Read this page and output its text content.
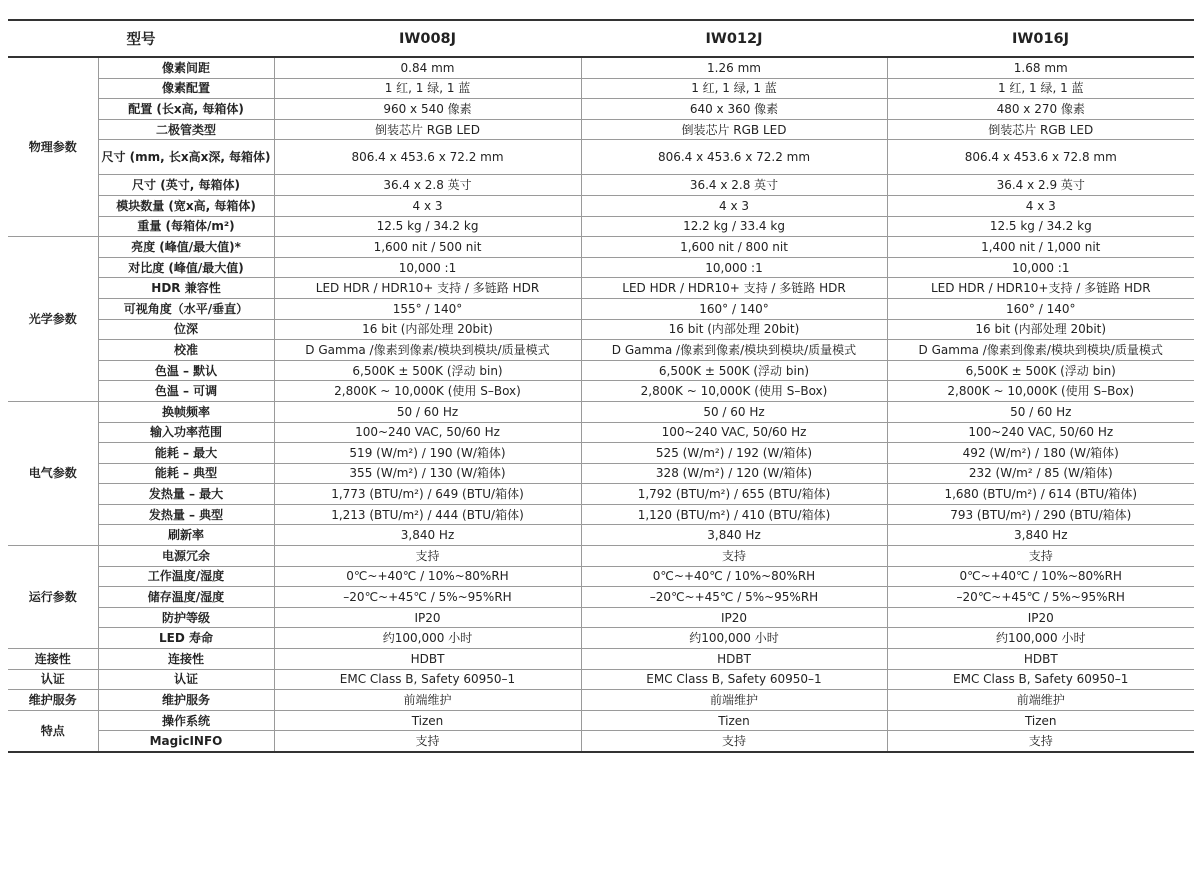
型号		IW008J	IW012J	IW016J
物理参数	像素间距	0.84 mm	1.26 mm	1.68 mm
	像素配置	1 红, 1 绿, 1 蓝	1 红, 1 绿, 1 蓝	1 红, 1 绿, 1 蓝
	配置 (长x高, 每箱体)	960 x 540 像素	640 x 360 像素	480 x 270 像素
	二极管类型	倒装芯片 RGB LED	倒装芯片 RGB LED	倒装芯片 RGB LED
	尺寸 (mm, 长x高x深, 每箱体)	806.4 x 453.6 x 72.2 mm	806.4 x 453.6 x 72.2 mm	806.4 x 453.6 x 72.8 mm
	尺寸 (英寸, 每箱体)	36.4 x 2.8 英寸	36.4 x 2.8 英寸	36.4 x 2.9 英寸
	模块数量 (宽x高, 每箱体)	4 x 3	4 x 3	4 x 3
	重量 (每箱体/m²)	12.5 kg / 34.2 kg	12.2 kg / 33.4 kg	12.5 kg / 34.2 kg
光学参数	亮度 (峰值/最大值)*	1,600 nit / 500 nit	1,600 nit / 800 nit	1,400 nit / 1,000 nit
	对比度 (峰值/最大值)	10,000 :1	10,000 :1	10,000 :1
	HDR 兼容性	LED HDR / HDR10+ 支持 / 多链路 HDR	LED HDR / HDR10+ 支持 / 多链路 HDR	LED HDR / HDR10+支持 / 多链路 HDR
	可视角度（水平/垂直）	155° / 140°	160° / 140°	160° / 140°
	位深	16 bit (内部处理 20bit)	16 bit (内部处理 20bit)	16 bit (内部处理 20bit)
	校准	D Gamma /像素到像素/模块到模块/质量模式	D Gamma /像素到像素/模块到模块/质量模式	D Gamma /像素到像素/模块到模块/质量模式
	色温 – 默认	6,500K ± 500K (浮动 bin)	6,500K ± 500K (浮动 bin)	6,500K ± 500K (浮动 bin)
	色温 – 可调	2,800K ~ 10,000K (使用 S–Box)	2,800K ~ 10,000K (使用 S–Box)	2,800K ~ 10,000K (使用 S–Box)
电气参数	换帧频率	50 / 60 Hz	50 / 60 Hz	50 / 60 Hz
	输入功率范围	100~240 VAC, 50/60 Hz	100~240 VAC, 50/60 Hz	100~240 VAC, 50/60 Hz
	能耗 – 最大	519 (W/m²) / 190 (W/箱体)	525 (W/m²) / 192 (W/箱体)	492 (W/m²) / 180 (W/箱体)
	能耗 – 典型	355 (W/m²) / 130 (W/箱体)	328 (W/m²) / 120 (W/箱体)	232 (W/m² / 85 (W/箱体)
	发热量 – 最大	1,773 (BTU/m²) / 649 (BTU/箱体)	1,792 (BTU/m²) / 655 (BTU/箱体)	1,680 (BTU/m²) / 614 (BTU/箱体)
	发热量 – 典型	1,213 (BTU/m²) / 444 (BTU/箱体)	1,120 (BTU/m²) / 410 (BTU/箱体)	793 (BTU/m²) / 290 (BTU/箱体)
	刷新率	3,840 Hz	3,840 Hz	3,840 Hz
运行参数	电源冗余	支持	支持	支持
	工作温度/湿度	0℃~+40℃ / 10%~80%RH	0℃~+40℃ / 10%~80%RH	0℃~+40℃ / 10%~80%RH
	储存温度/湿度	–20℃~+45℃ / 5%~95%RH	–20℃~+45℃ / 5%~95%RH	–20℃~+45℃ / 5%~95%RH
	防护等级	IP20	IP20	IP20
	LED 寿命	约100,000 小时	约100,000 小时	约100,000 小时
连接性	连接性	HDBT	HDBT	HDBT
认证	认证	EMC Class B, Safety 60950–1	EMC Class B, Safety 60950–1	EMC Class B, Safety 60950–1
维护服务	维护服务	前端维护	前端维护	前端维护
特点	操作系统	Tizen	Tizen	Tizen
	MagicINFO	支持	支持	支持
